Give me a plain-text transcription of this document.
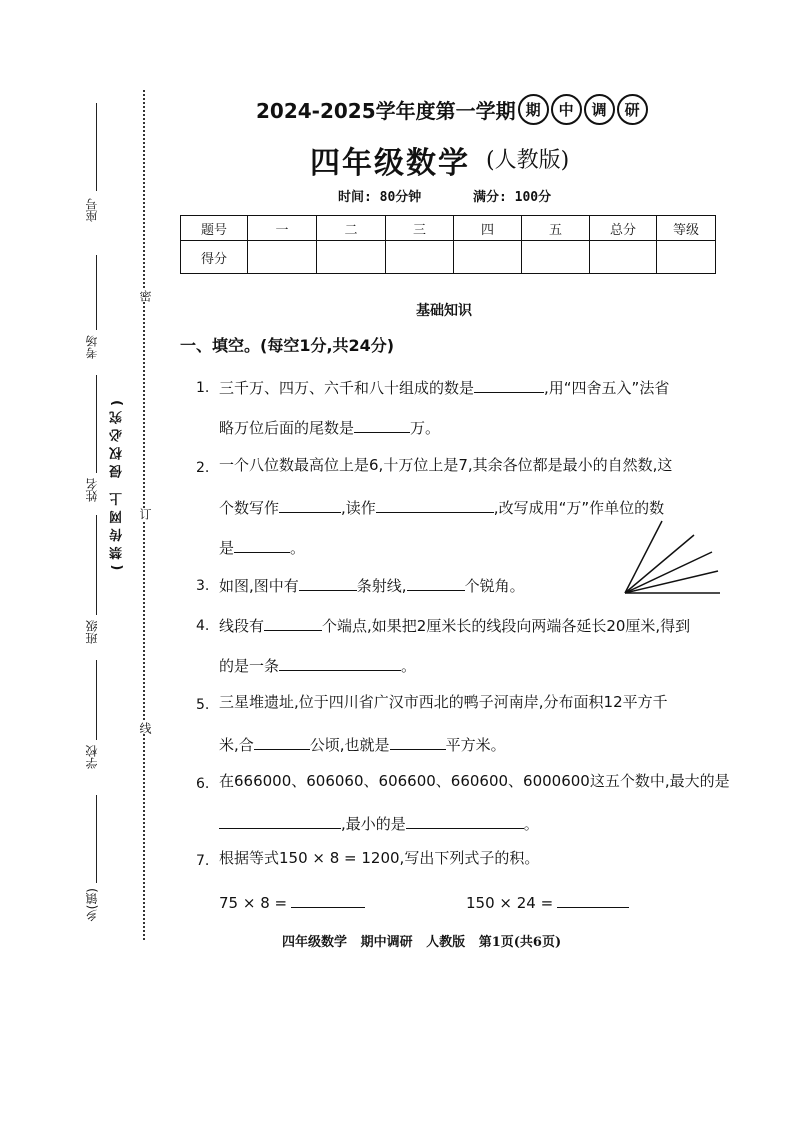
座号
考场
姓名
班级
学校
乡(镇)
(禁传网上 侵权必究)
密
订
线
2024-2025学年度第一学期 期	中	调	研
四年级数学 (人教版)
时间: 80分钟	满分: 100分
题号	一	二	三	四	五	总分	等级
得分							
基础知识
一、填空。(每空1分,共24分)
1. 三千万、四万、六千和八十组成的数是	,用“四舍五入”法省
略万位后面的尾数是	万。
2. 一个八位数最高位上是6,十万位上是7,其余各位都是最小的自然数,这
个数写作	,读作	,改写成用“万”作单位的数
是	。
3. 如图,图中有	条射线,	个锐角。
4. 线段有	个端点,如果把2厘米长的线段向两端各延长20厘米,得到
的是一条	。
5. 三星堆遗址,位于四川省广汉市西北的鸭子河南岸,分布面积12平方千
米,合	公顷,也就是	平方米。
6. 在666000、606060、606600、660600、6000600这五个数中,最大的是
,最小的是	。
7. 根据等式150 × 8 = 1200,写出下列式子的积。
75 × 8 =	150 × 24 =
四年级数学   期中调研   人教版   第1页(共6页)
